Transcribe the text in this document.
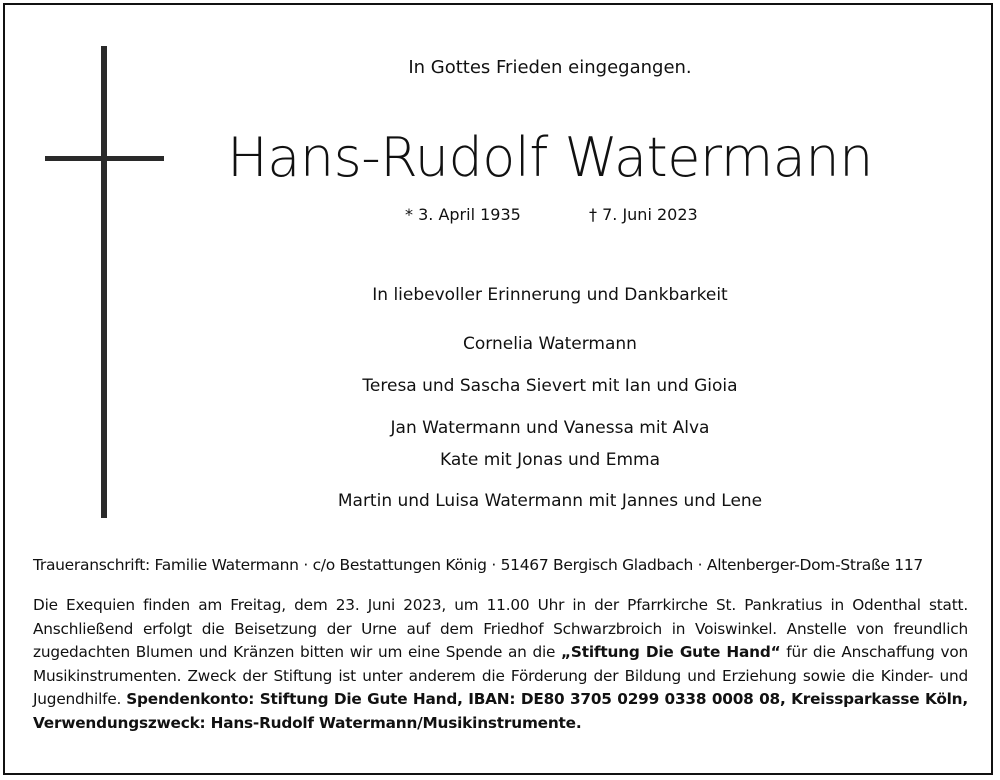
In Gottes Frieden eingegangen.
Hans-Rudolf Watermann
* 3. April 1935	† 7. Juni 2023
In liebevoller Erinnerung und Dankbarkeit
Cornelia Watermann
Teresa und Sascha Sievert mit Ian und Gioia
Jan Watermann und Vanessa mit Alva
Kate mit Jonas und Emma
Martin und Luisa Watermann mit Jannes und Lene
Traueranschrift: Familie Watermann · c/o Bestattungen König · 51467 Bergisch Gladbach · Altenberger-Dom-Straße 117
Die Exequien finden am Freitag, dem 23. Juni 2023, um 11.00 Uhr in der Pfarrkirche St. Pankratius in Odenthal statt. Anschließend erfolgt die Beisetzung der Urne auf dem Friedhof Schwarzbroich in Voiswinkel. Anstelle von freundlich zugedachten Blumen und Kränzen bitten wir um eine Spende an die „Stiftung Die Gute Hand“ für die Anschaffung von Musikinstrumenten. Zweck der Stiftung ist unter anderem die Förderung der Bildung und Erziehung sowie die Kinder- und Jugendhilfe. Spendenkonto: Stiftung Die Gute Hand, IBAN: DE80 3705 0299 0338 0008 08, Kreissparkasse Köln, Verwendungszweck: Hans-Rudolf Watermann/Musikinstrumente.
